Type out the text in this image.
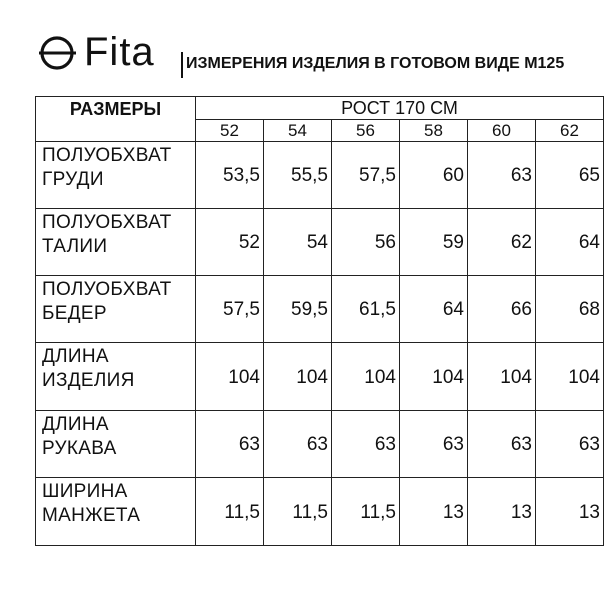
Fita ИЗМЕРЕНИЯ ИЗДЕЛИЯ В ГОТОВОМ ВИДЕ М125
РАЗМЕРЫ	РОСТ 170 СМ					
	52	54	56	58	60	62

ПОЛУОБХВАТ
ГРУДИ	53,5	55,5	57,5	60	63	65

ПОЛУОБХВАТ
ТАЛИИ	52	54	56	59	62	64

ПОЛУОБХВАТ
БЕДЕР	57,5	59,5	61,5	64	66	68

ДЛИНА
ИЗДЕЛИЯ	104	104	104	104	104	104

ДЛИНА
РУКАВА	63	63	63	63	63	63

ШИРИНА
МАНЖЕТА	11,5	11,5	11,5	13	13	13
